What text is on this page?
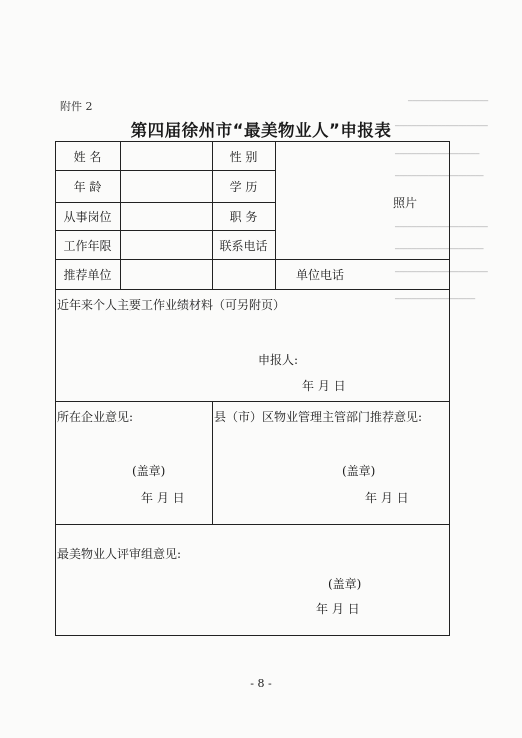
━━━━━━━━━━━━━━━━━━━
━━━━━━━━━━━━━━━━━━━━━━
━━━━━━━━━━━━━━━━━━━━
━━━━━━━━━━━━━━━━━━━━━
━━━━━━━━━━━━━━━━━━━━━━
━━━━━━━━━━━━━━━━━━━━━
━━━━━━━━━━━━━━━━━━━━━━
━━━━━━━━━━━━━━━━━━━
附件 2
第四届徐州市“最美物业人”申报表
姓 名
年 龄
从事岗位
工作年限
推荐单位
性 别
学 历
职 务
联系电话
单位电话
照片
近年来个人主要工作业绩材料（可另附页）
申报人:
年 月 日
所在企业意见:
(盖章)
年 月 日
县（市）区物业管理主管部门推荐意见:
(盖章)
年 月 日
最美物业人评审组意见:
(盖章)
年 月 日
- 8 -
